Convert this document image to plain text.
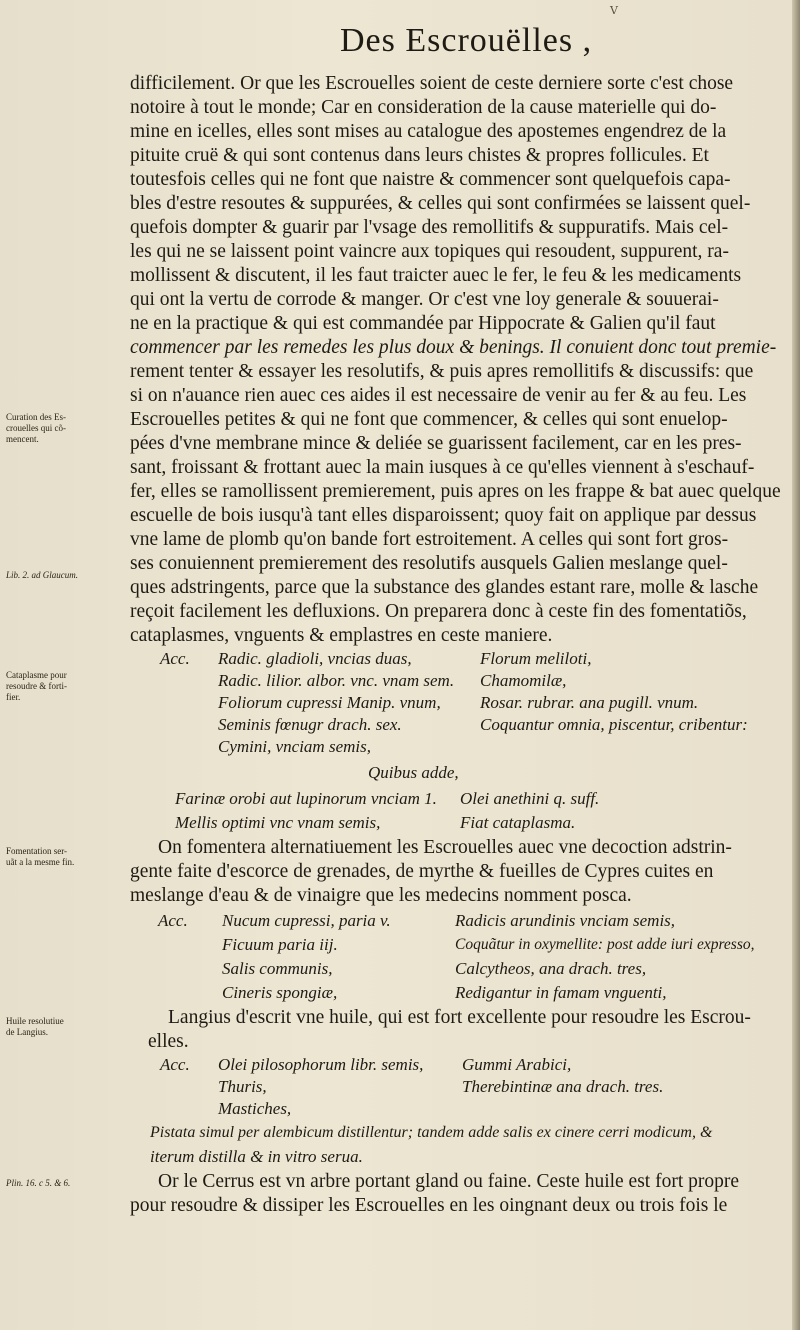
V
Des Escrouëlles ,
difficilement. Or que les Escrouelles soient de ceste derniere sorte c'est chose
notoire à tout le monde; Car en consideration de la cause materielle qui do-
mine en icelles, elles sont mises au catalogue des apostemes engendrez de la
pituite cruë & qui sont contenus dans leurs chistes & propres follicules. Et
toutesfois celles qui ne font que naistre & commencer sont quelquefois capa-
bles d'estre resoutes & suppurées, & celles qui sont confirmées se laissent quel-
quefois dompter & guarir par l'vsage des remollitifs & suppuratifs. Mais cel-
les qui ne se laissent point vaincre aux topiques qui resoudent, suppurent, ra-
mollissent & discutent, il les faut traicter auec le fer, le feu & les medicaments
qui ont la vertu de corrode & manger. Or c'est vne loy generale & souuerai-
ne en la practique & qui est commandée par Hippocrate & Galien qu'il faut
commencer par les remedes les plus doux & benings. Il conuient donc tout premie-
rement tenter & essayer les resolutifs, & puis apres remollitifs & discussifs: que
si on n'auance rien auec ces aides il est necessaire de venir au fer & au feu. Les
Escrouelles petites & qui ne font que commencer, & celles qui sont enuelop-
pées d'vne membrane mince & deliée se guarissent facilement, car en les pres-
sant, froissant & frottant auec la main iusques à ce qu'elles viennent à s'eschauf-
fer, elles se ramollissent premierement, puis apres on les frappe & bat auec quelque
escuelle de bois iusqu'à tant elles disparoissent; quoy fait on applique par dessus
vne lame de plomb qu'on bande fort estroitement. A celles qui sont fort gros-
ses conuiennent premierement des resolutifs ausquels Galien meslange quel-
ques adstringents, parce que la substance des glandes estant rare, molle & lasche
reçoit facilement les defluxions. On preparera donc à ceste fin des fomentatiõs,
cataplasmes, vnguents & emplastres en ceste maniere.
Acc. Radic. gladioli, vncias duas,
Radic. lilior. albor. vnc. vnam sem.
Foliorum cupressi Manip. vnum,
Seminis fœnugr drach. sex.
Cymini, vnciam semis,
Florum meliloti,
Chamomilæ,
Rosar. rubrar. ana pugill. vnum.
Coquantur omnia, piscentur, cribentur:
Quibus adde,
Farinæ orobi aut lupinorum vnciam 1. Olei anethini q. suff.
Mellis optimi vnc vnam semis,	Fiat cataplasma.
On fomentera alternatiuement les Escrouelles auec vne decoction adstrin-
gente faite d'escorce de grenades, de myrthe & fueilles de Cypres cuites en
meslange d'eau & de vinaigre que les medecins nomment posca.
Acc. Nucum cupressi, paria v.
Ficuum paria iij.
Salis communis,
Cineris spongiæ,
Radicis arundinis vnciam semis,
Coquãtur in oxymellite: post adde iuri expresso,
Calcytheos, ana drach. tres,
Redigantur in famam vnguenti,
Langius d'escrit vne huile, qui est fort excellente pour resoudre les Escrou-
elles.
Acc. Olei pilosophorum libr. semis,
Thuris,
Mastiches,
Gummi Arabici,
Therebintinæ ana drach. tres.
Pistata simul per alembicum distillentur; tandem adde salis ex cinere cerri modicum, &
iterum distilla & in vitro serua.
Or le Cerrus est vn arbre portant gland ou faine. Ceste huile est fort propre
pour resoudre & dissiper les Escrouelles en les oingnant deux ou trois fois le
Curation des Es-
crouelles qui cõ-
mencent.
Lib. 2. ad Glaucum.
Cataplasme pour
resoudre & forti-
fier.
Fomentation ser-
uãt a la mesme fin.
Huile resolutiue
de Langius.
Plin. 16. c 5. & 6.
